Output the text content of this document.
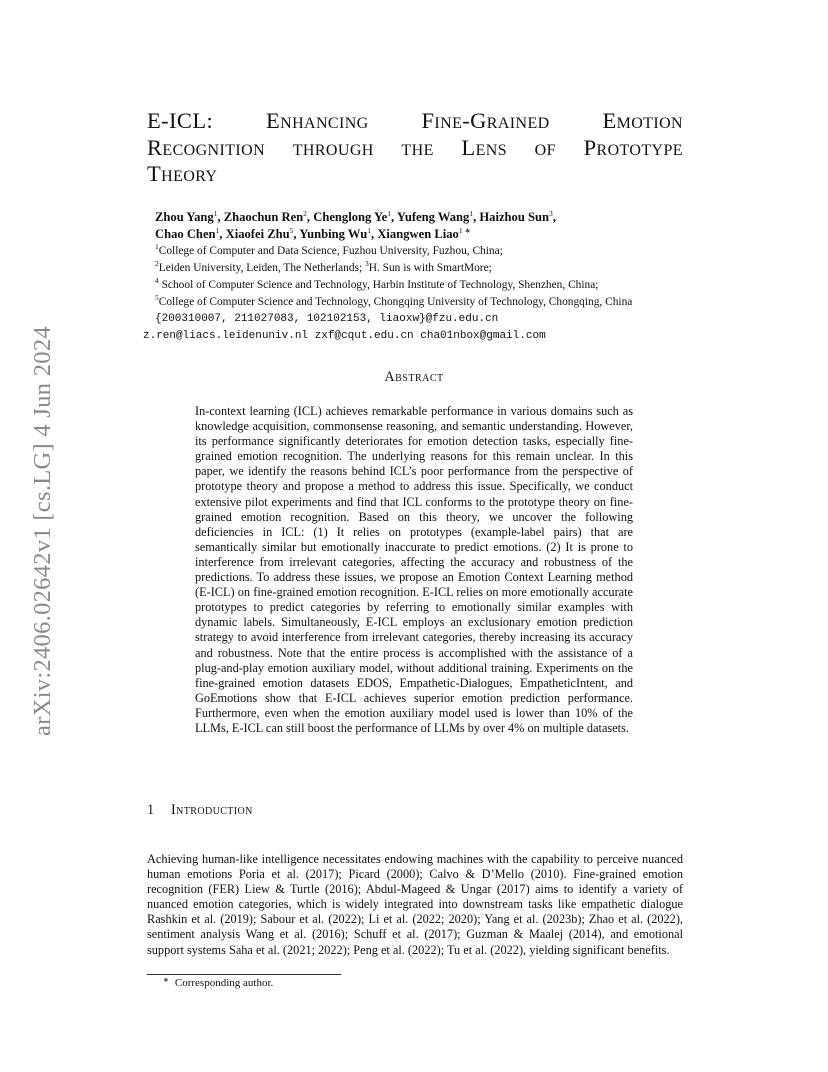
arXiv:2406.02642v1 [cs.LG] 4 Jun 2024
E-ICL: Enhancing Fine-Grained Emotion
Recognition through the Lens of Prototype
Theory
Zhou Yang$^1$, Zhaochun Ren$^2$, Chenglong Ye$^1$, Yufeng Wang$^1$, Haizhou Sun$^3$,
Chao Chen$^1$, Xiaofei Zhu$^5$, Yunbing Wu$^1$, Xiangwen Liao$^{1 ∗}$
$^1$College of Computer and Data Science, Fuzhou University, Fuzhou, China;
$^2$Leiden University, Leiden, The Netherlands; $^3$H. Sun is with SmartMore;
$^4$ School of Computer Science and Technology, Harbin Institute of Technology, Shenzhen, China;
$^5$College of Computer Science and Technology, Chongqing University of Technology, Chongqing, China
{200310007, 211027083, 102102153, liaoxw}@fzu.edu.cn
z.ren@liacs.leidenuniv.nl zxf@cqut.edu.cn cha01nbox@gmail.com
Abstract
In-context learning (ICL) achieves remarkable performance in various domains such as knowledge acquisition, commonsense reasoning, and semantic understanding. However, its performance significantly deteriorates for emotion detection tasks, especially fine-grained emotion recognition. The underlying reasons for this remain unclear. In this paper, we identify the reasons behind ICL’s poor performance from the perspective of prototype theory and propose a method to address this issue. Specifically, we conduct extensive pilot experiments and find that ICL conforms to the prototype theory on fine-grained emotion recognition. Based on this theory, we uncover the following deficiencies in ICL: (1) It relies on prototypes (example-label pairs) that are semantically similar but emotionally inaccurate to predict emotions. (2) It is prone to interference from irrelevant categories, affecting the accuracy and robustness of the predictions. To address these issues, we propose an Emotion Context Learning method (E-ICL) on fine-grained emotion recognition. E-ICL relies on more emotionally accurate prototypes to predict categories by referring to emotionally similar examples with dynamic labels. Simultaneously, E-ICL employs an exclusionary emotion prediction strategy to avoid interference from irrelevant categories, thereby increasing its accuracy and robustness. Note that the entire process is accomplished with the assistance of a plug-and-play emotion auxiliary model, without additional training. Experiments on the fine-grained emotion datasets EDOS, Empathetic-Dialogues, EmpatheticIntent, and GoEmotions show that E-ICL achieves superior emotion prediction performance. Furthermore, even when the emotion auxiliary model used is lower than 10% of the LLMs, E-ICL can still boost the performance of LLMs by over 4% on multiple datasets.
1 Introduction
Achieving human-like intelligence necessitates endowing machines with the capability to perceive nuanced human emotions Poria et al. (2017); Picard (2000); Calvo & D’Mello (2010). Fine-grained emotion recognition (FER) Liew & Turtle (2016); Abdul-Mageed & Ungar (2017) aims to identify a variety of nuanced emotion categories, which is widely integrated into downstream tasks like empathetic dialogue Rashkin et al. (2019); Sabour et al. (2022); Li et al. (2022; 2020); Yang et al. (2023b); Zhao et al. (2022), sentiment analysis Wang et al. (2016); Schuff et al. (2017); Guzman & Maalej (2014), and emotional support systems Saha et al. (2021; 2022); Peng et al. (2022); Tu et al. (2022), yielding significant benefits.
∗ Corresponding author.
